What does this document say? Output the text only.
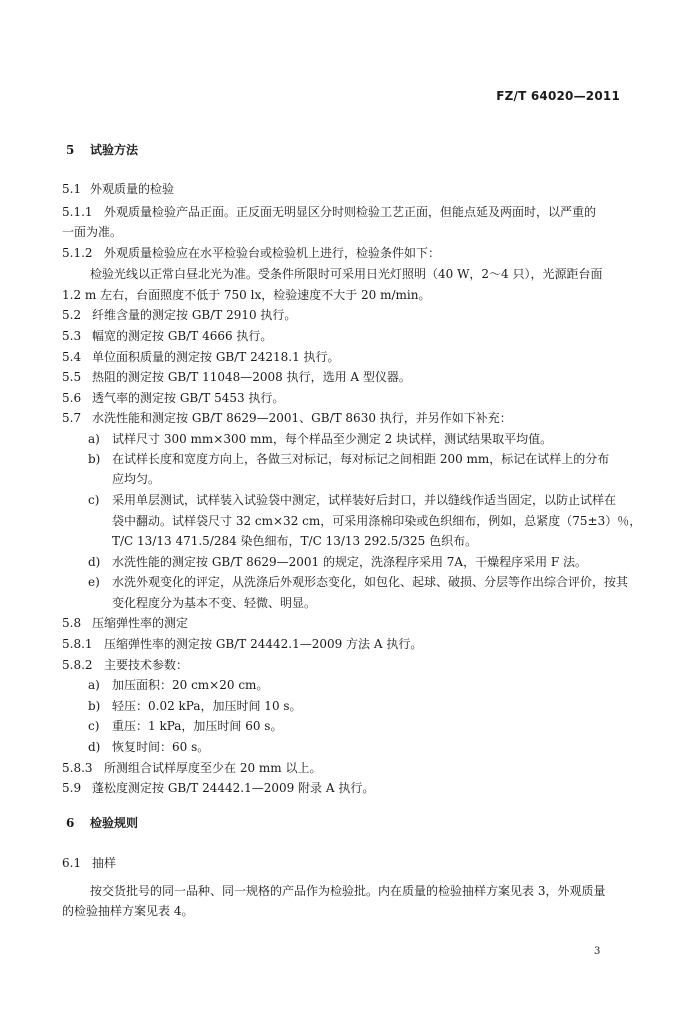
FZ/T 64020—2011
5 试验方法
5.1 外观质量的检验
5.1.1 外观质量检验产品正面。正反面无明显区分时则检验工艺正面，但能点延及两面时，以严重的
一面为准。
5.1.2 外观质量检验应在水平检验台或检验机上进行，检验条件如下：
检验光线以正常白昼北光为准。受条件所限时可采用日光灯照明（40 W，2～4 只），光源距台面
1.2 m 左右，台面照度不低于 750 lx，检验速度不大于 20 m/min。
5.2 纤维含量的测定按 GB/T 2910 执行。
5.3 幅宽的测定按 GB/T 4666 执行。
5.4 单位面积质量的测定按 GB/T 24218.1 执行。
5.5 热阻的测定按 GB/T 11048—2008 执行，选用 A 型仪器。
5.6 透气率的测定按 GB/T 5453 执行。
5.7 水洗性能和测定按 GB/T 8629—2001、GB/T 8630 执行，并另作如下补充：
a) 试样尺寸 300 mm×300 mm，每个样品至少测定 2 块试样，测试结果取平均值。
b) 在试样长度和宽度方向上，各做三对标记，每对标记之间相距 200 mm，标记在试样上的分布
应均匀。
c) 采用单层测试，试样装入试验袋中测定，试样装好后封口，并以缝线作适当固定，以防止试样在
袋中翻动。试样袋尺寸 32 cm×32 cm，可采用涤棉印染或色织细布，例如，总紧度（75±3）％，
T/C 13/13 471.5/284 染色细布，T/C 13/13 292.5/325 色织布。
d) 水洗性能的测定按 GB/T 8629—2001 的规定，洗涤程序采用 7A，干燥程序采用 F 法。
e) 水洗外观变化的评定，从洗涤后外观形态变化，如包化、起球、破损、分层等作出综合评价，按其
变化程度分为基本不变、轻微、明显。
5.8 压缩弹性率的测定
5.8.1 压缩弹性率的测定按 GB/T 24442.1—2009 方法 A 执行。
5.8.2 主要技术参数：
a) 加压面积：20 cm×20 cm。
b) 轻压：0.02 kPa，加压时间 10 s。
c) 重压：1 kPa，加压时间 60 s。
d) 恢复时间：60 s。
5.8.3 所测组合试样厚度至少在 20 mm 以上。
5.9 蓬松度测定按 GB/T 24442.1—2009 附录 A 执行。
6 检验规则
6.1 抽样
按交货批号的同一品种、同一规格的产品作为检验批。内在质量的检验抽样方案见表 3，外观质量
的检验抽样方案见表 4。
3
